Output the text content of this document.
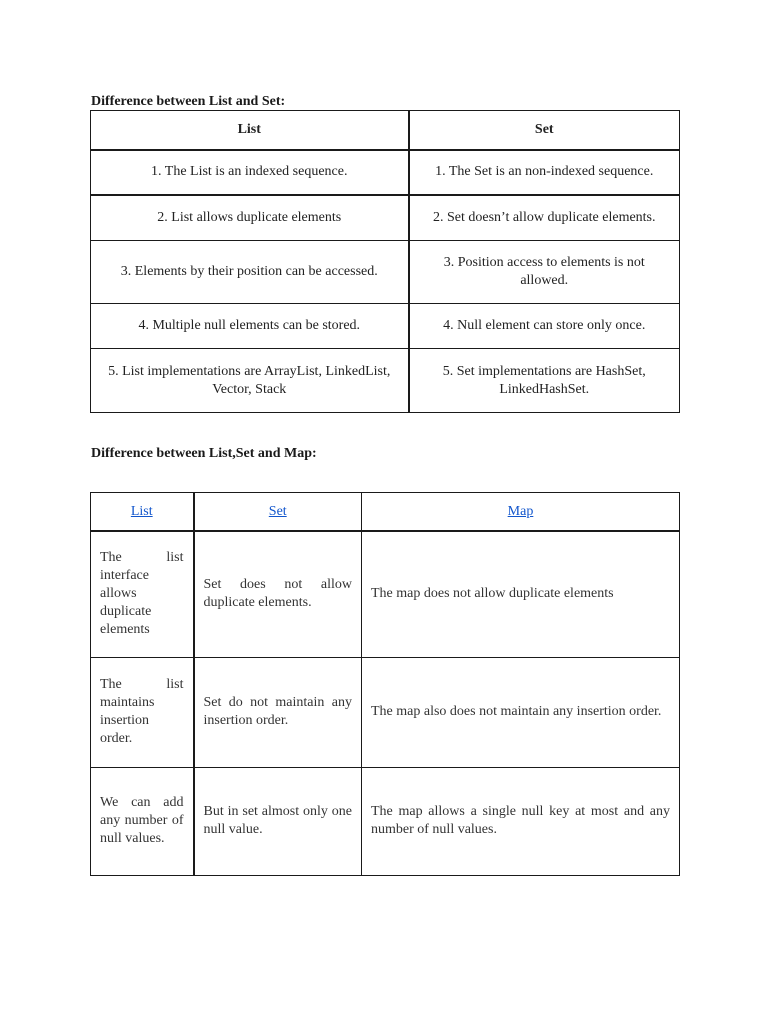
Difference between List and Set:

List	Set
1. The List is an indexed sequence.	1. The Set is an non-indexed sequence.
2. List allows duplicate elements	2. Set doesn’t allow duplicate elements.
3. Elements by their position can be accessed.	3. Position access to elements is not allowed.
4. Multiple null elements can be stored.	4. Null element can store only once.
5. List implementations are ArrayList, LinkedList, Vector, Stack	5. Set implementations are HashSet, LinkedHashSet.

Difference between List,Set and Map:

List	Set	Map
The list interface allows duplicate elements	Set does not allow duplicate elements.	The map does not allow duplicate elements
The list maintains insertion order.	Set do not maintain any insertion order.	The map also does not maintain any insertion order.
We can add any number of null values.	But in set almost only one null value.	The map allows a single null key at most and any number of null values.
